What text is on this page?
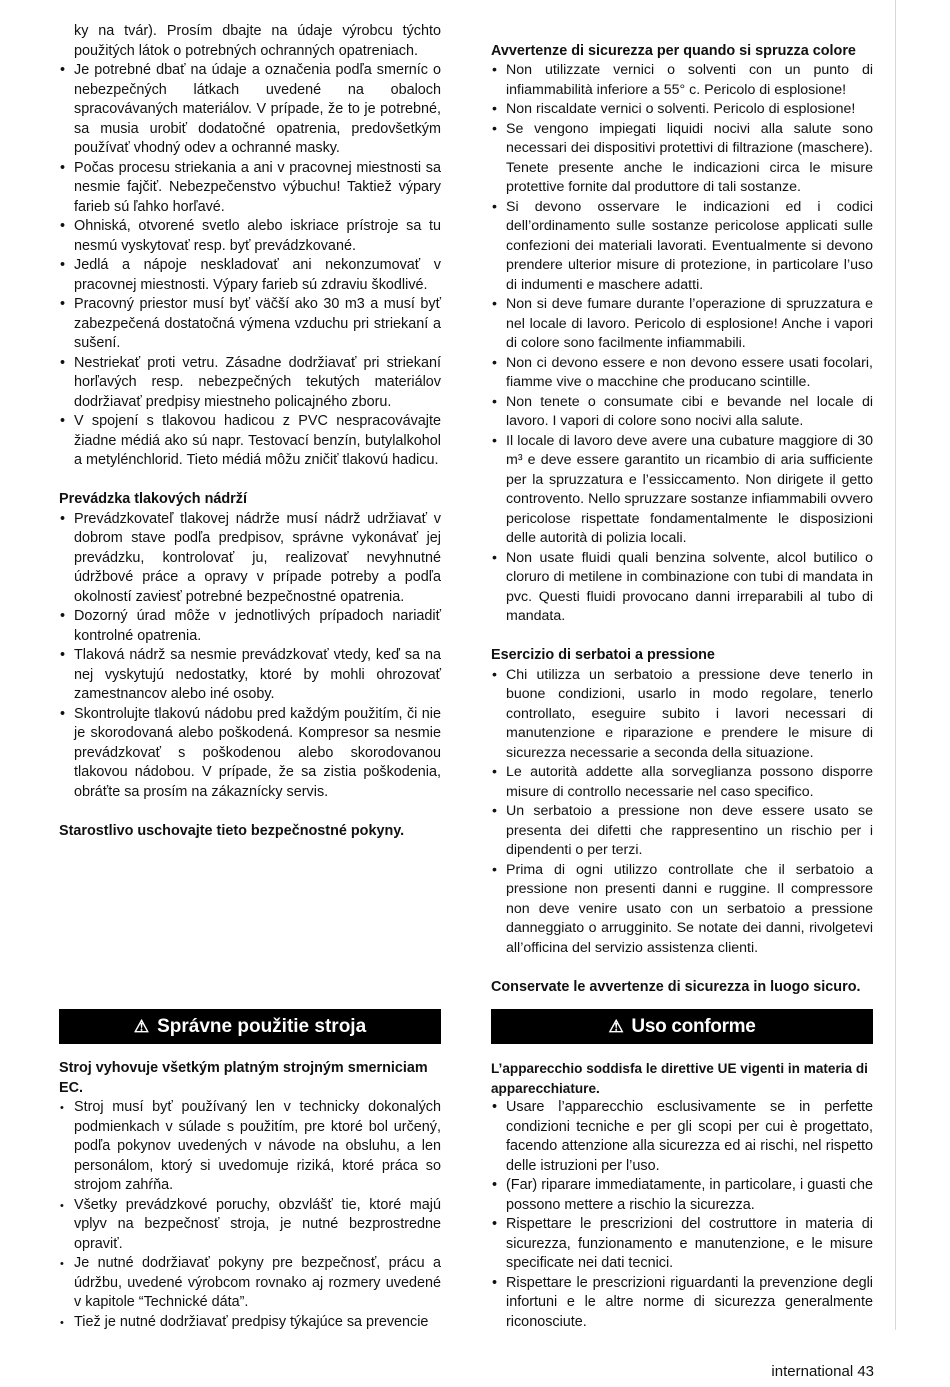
ky na tvár). Prosím dbajte na údaje výrobcu týchto použitých látok o potrebných ochranných opatreniach.

• Je potrebné dbať na údaje a označenia podľa smerníc o nebezpečných látkach uvedené na obaloch spracovávaných materiálov. V prípade, že to je potrebné, sa musia urobiť dodatočné opatrenia, predovšetkým používať vhodný odev a ochranné masky.
• Počas procesu striekania a ani v pracovnej miestnosti sa nesmie fajčiť. Nebezpečenstvo výbuchu! Taktiež výpary farieb sú ľahko horľavé.
• Ohniská, otvorené svetlo alebo iskriace prístroje sa tu nesmú vyskytovať resp. byť prevádzkované.
• Jedlá a nápoje neskladovať ani nekonzumovať v pracovnej miestnosti. Výpary farieb sú zdraviu škodlivé.
• Pracovný priestor musí byť väčší ako 30 m3 a musí byť zabezpečená dostatočná výmena vzduchu pri striekaní a sušení.
• Nestriekať proti vetru. Zásadne dodržiavať pri striekaní horľavých resp. nebezpečných tekutých materiálov dodržiavať predpisy miestneho policajného zboru.
• V spojení s tlakovou hadicou z PVC nespracovávajte žiadne médiá ako sú napr. Testovací benzín, butylalkohol a metylénchlorid. Tieto médiá môžu zničiť tlakovú hadicu.
Prevádzka tlakových nádrží
• Prevádzkovateľ tlakovej nádrže musí nádrž udržiavať v dobrom stave podľa predpisov, správne vykonávať jej prevádzku, kontrolovať ju, realizovať nevyhnutné údržbové práce a opravy v prípade potreby a podľa okolností zaviesť potrebné bezpečnostné opatrenia.
• Dozorný úrad môže v jednotlivých prípadoch nariadiť kontrolné opatrenia.
• Tlaková nádrž sa nesmie prevádzkovať vtedy, keď sa na nej vyskytujú nedostatky, ktoré by mohli ohrozovať zamestnancov alebo iné osoby.
• Skontrolujte tlakovú nádobu pred každým použitím, či nie je skorodovaná alebo poškodená. Kompresor sa nesmie prevádzkovať s poškodenou alebo skorodovanou tlakovou nádobou. V prípade, že sa zistia poškodenia, obráťte sa prosím na zákaznícky servis.
Starostlivo uschovajte tieto bezpečnostné pokyny.
Avvertenze di sicurezza per quando si spruzza colore
• Non utilizzate vernici o solventi con un punto di infiammabilità inferiore a 55° c. Pericolo di esplosione!
• Non riscaldate vernici o solventi. Pericolo di esplosione!
• Se vengono impiegati liquidi nocivi alla salute sono necessari dei dispositivi protettivi di filtrazione (maschere). Tenete presente anche le indicazioni circa le misure protettive fornite dal produttore di tali sostanze.
• Si devono osservare le indicazioni ed i codici dell’ordinamento sulle sostanze pericolose applicati sulle confezioni dei materiali lavorati. Eventualmente si devono prendere ulterior misure di protezione, in particolare l’uso di indumenti e maschere adatti.
• Non si deve fumare durante l’operazione di spruzzatura e nel locale di lavoro. Pericolo di esplosione! Anche i vapori di colore sono facilmente infiammabili.
• Non ci devono essere e non devono essere usati focolari, fiamme vive o macchine che producano scintille.
• Non tenete o consumate cibi e bevande nel locale di lavoro. I vapori di colore sono nocivi alla salute.
• Il locale di lavoro deve avere una cubature maggiore di 30 m³ e deve essere garantito un ricambio di aria sufficiente per la spruzzatura e l’essiccamento. Non dirigete il getto controvento. Nello spruzzare sostanze infiammabili ovvero pericolose rispettate fondamentalmente le disposizioni delle autorità di polizia locali.
• Non usate fluidi quali benzina solvente, alcol butilico o cloruro di metilene in combinazione con tubi di mandata in pvc. Questi fluidi provocano danni irreparabili al tubo di mandata.
Esercizio di serbatoi a pressione
• Chi utilizza un serbatoio a pressione deve tenerlo in buone condizioni, usarlo in modo regolare, tenerlo controllato, eseguire subito i lavori necessari di manutenzione e riparazione e prendere le misure di sicurezza necessarie a seconda della situazione.
• Le autorità addette alla sorveglianza possono disporre misure di controllo necessarie nel caso specifico.
• Un serbatoio a pressione non deve essere usato se presenta dei difetti che rappresentino un rischio per i dipendenti o per terzi.
• Prima di ogni utilizzo controllate che il serbatoio a pressione non presenti danni e ruggine. Il compressore non deve venire usato con un serbatoio a pressione danneggiato o arrugginito. Se notate dei danni, rivolgetevi all’officina del servizio assistenza clienti.
Conservate le avvertenze di sicurezza in luogo sicuro.
⚠ Správne použitie stroja	⚠ Uso conforme
Stroj vyhovuje všetkým platným strojným smerniciam EC.
• Stroj musí byť používaný len v technicky dokonalých podmienkach v súlade s použitím, pre ktoré bol určený, podľa pokynov uvedených v návode na obsluhu, a len personálom, ktorý si uvedomuje riziká, ktoré práca so strojom zahŕňa.
• Všetky prevádzkové poruchy, obzvlášť tie, ktoré majú vplyv na bezpečnosť stroja, je nutné bezprostredne opraviť.
• Je nutné dodržiavať pokyny pre bezpečnosť, prácu a údržbu, uvedené výrobcom rovnako aj rozmery uvedené v kapitole “Technické dáta”.
• Tiež je nutné dodržiavať predpisy týkajúce sa prevencie
L’apparecchio soddisfa le direttive UE vigenti in materia di apparecchiature.
• Usare l’apparecchio esclusivamente se in perfette condizioni tecniche e per gli scopi per cui è progettato, facendo attenzione alla sicurezza ed ai rischi, nel rispetto delle istruzioni per l’uso.
• (Far) riparare immediatamente, in particolare, i guasti che possono mettere a rischio la sicurezza.
• Rispettare le prescrizioni del costruttore in materia di sicurezza, funzionamento e manutenzione, e le misure specificate nei dati tecnici.
• Rispettare le prescrizioni riguardanti la prevenzione degli infortuni e le altre norme di sicurezza generalmente riconosciute.
international 43
